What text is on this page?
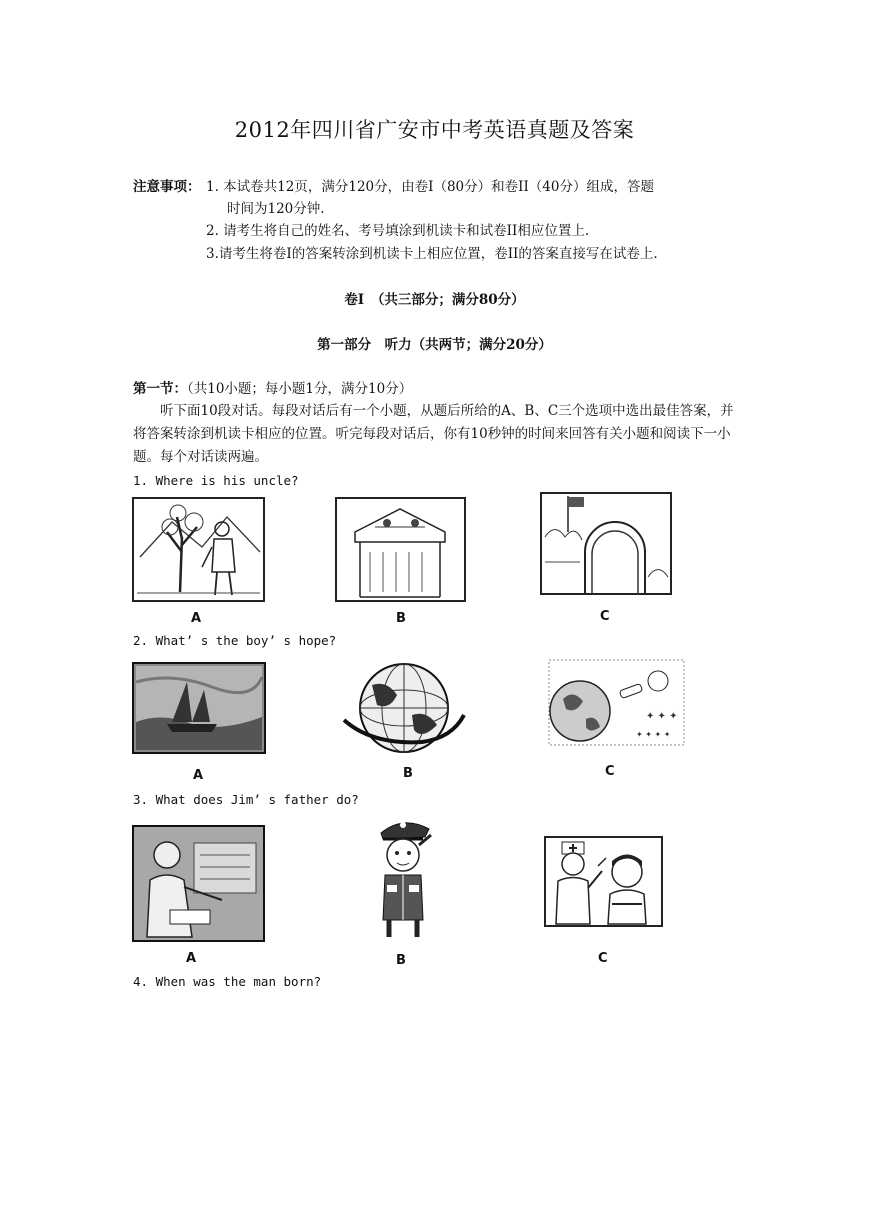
2012年四川省广安市中考英语真题及答案
注意事项： 1. 本试卷共12页，满分120分，由卷I（80分）和卷II（40分）组成，答题
时间为120分钟.
2. 请考生将自己的姓名、考号填涂到机读卡和试卷II相应位置上.
3.请考生将卷I的答案转涂到机读卡上相应位置，卷II的答案直接写在试卷上.
卷I　（共三部分；满分80分）
第一部分　听力（共两节；满分20分）
第一节：（共10小题；每小题1分，满分10分）
听下面10段对话。每段对话后有一个小题，从题后所给的A、B、C三个选项中选出最佳答案，并将答案转涂到机读卡相应的位置。听完每段对话后，你有10秒钟的时间来回答有关小题和阅读下一小题。每个对话读两遍。
1. Where is his uncle?
A	B	C
2. What’ s the boy’ s hope?
A	B
✦ ✦ ✦
✦ ✦ ✦ ✦
C
3. What does Jim’ s father do?
A	B	C
4. When was the man born?
